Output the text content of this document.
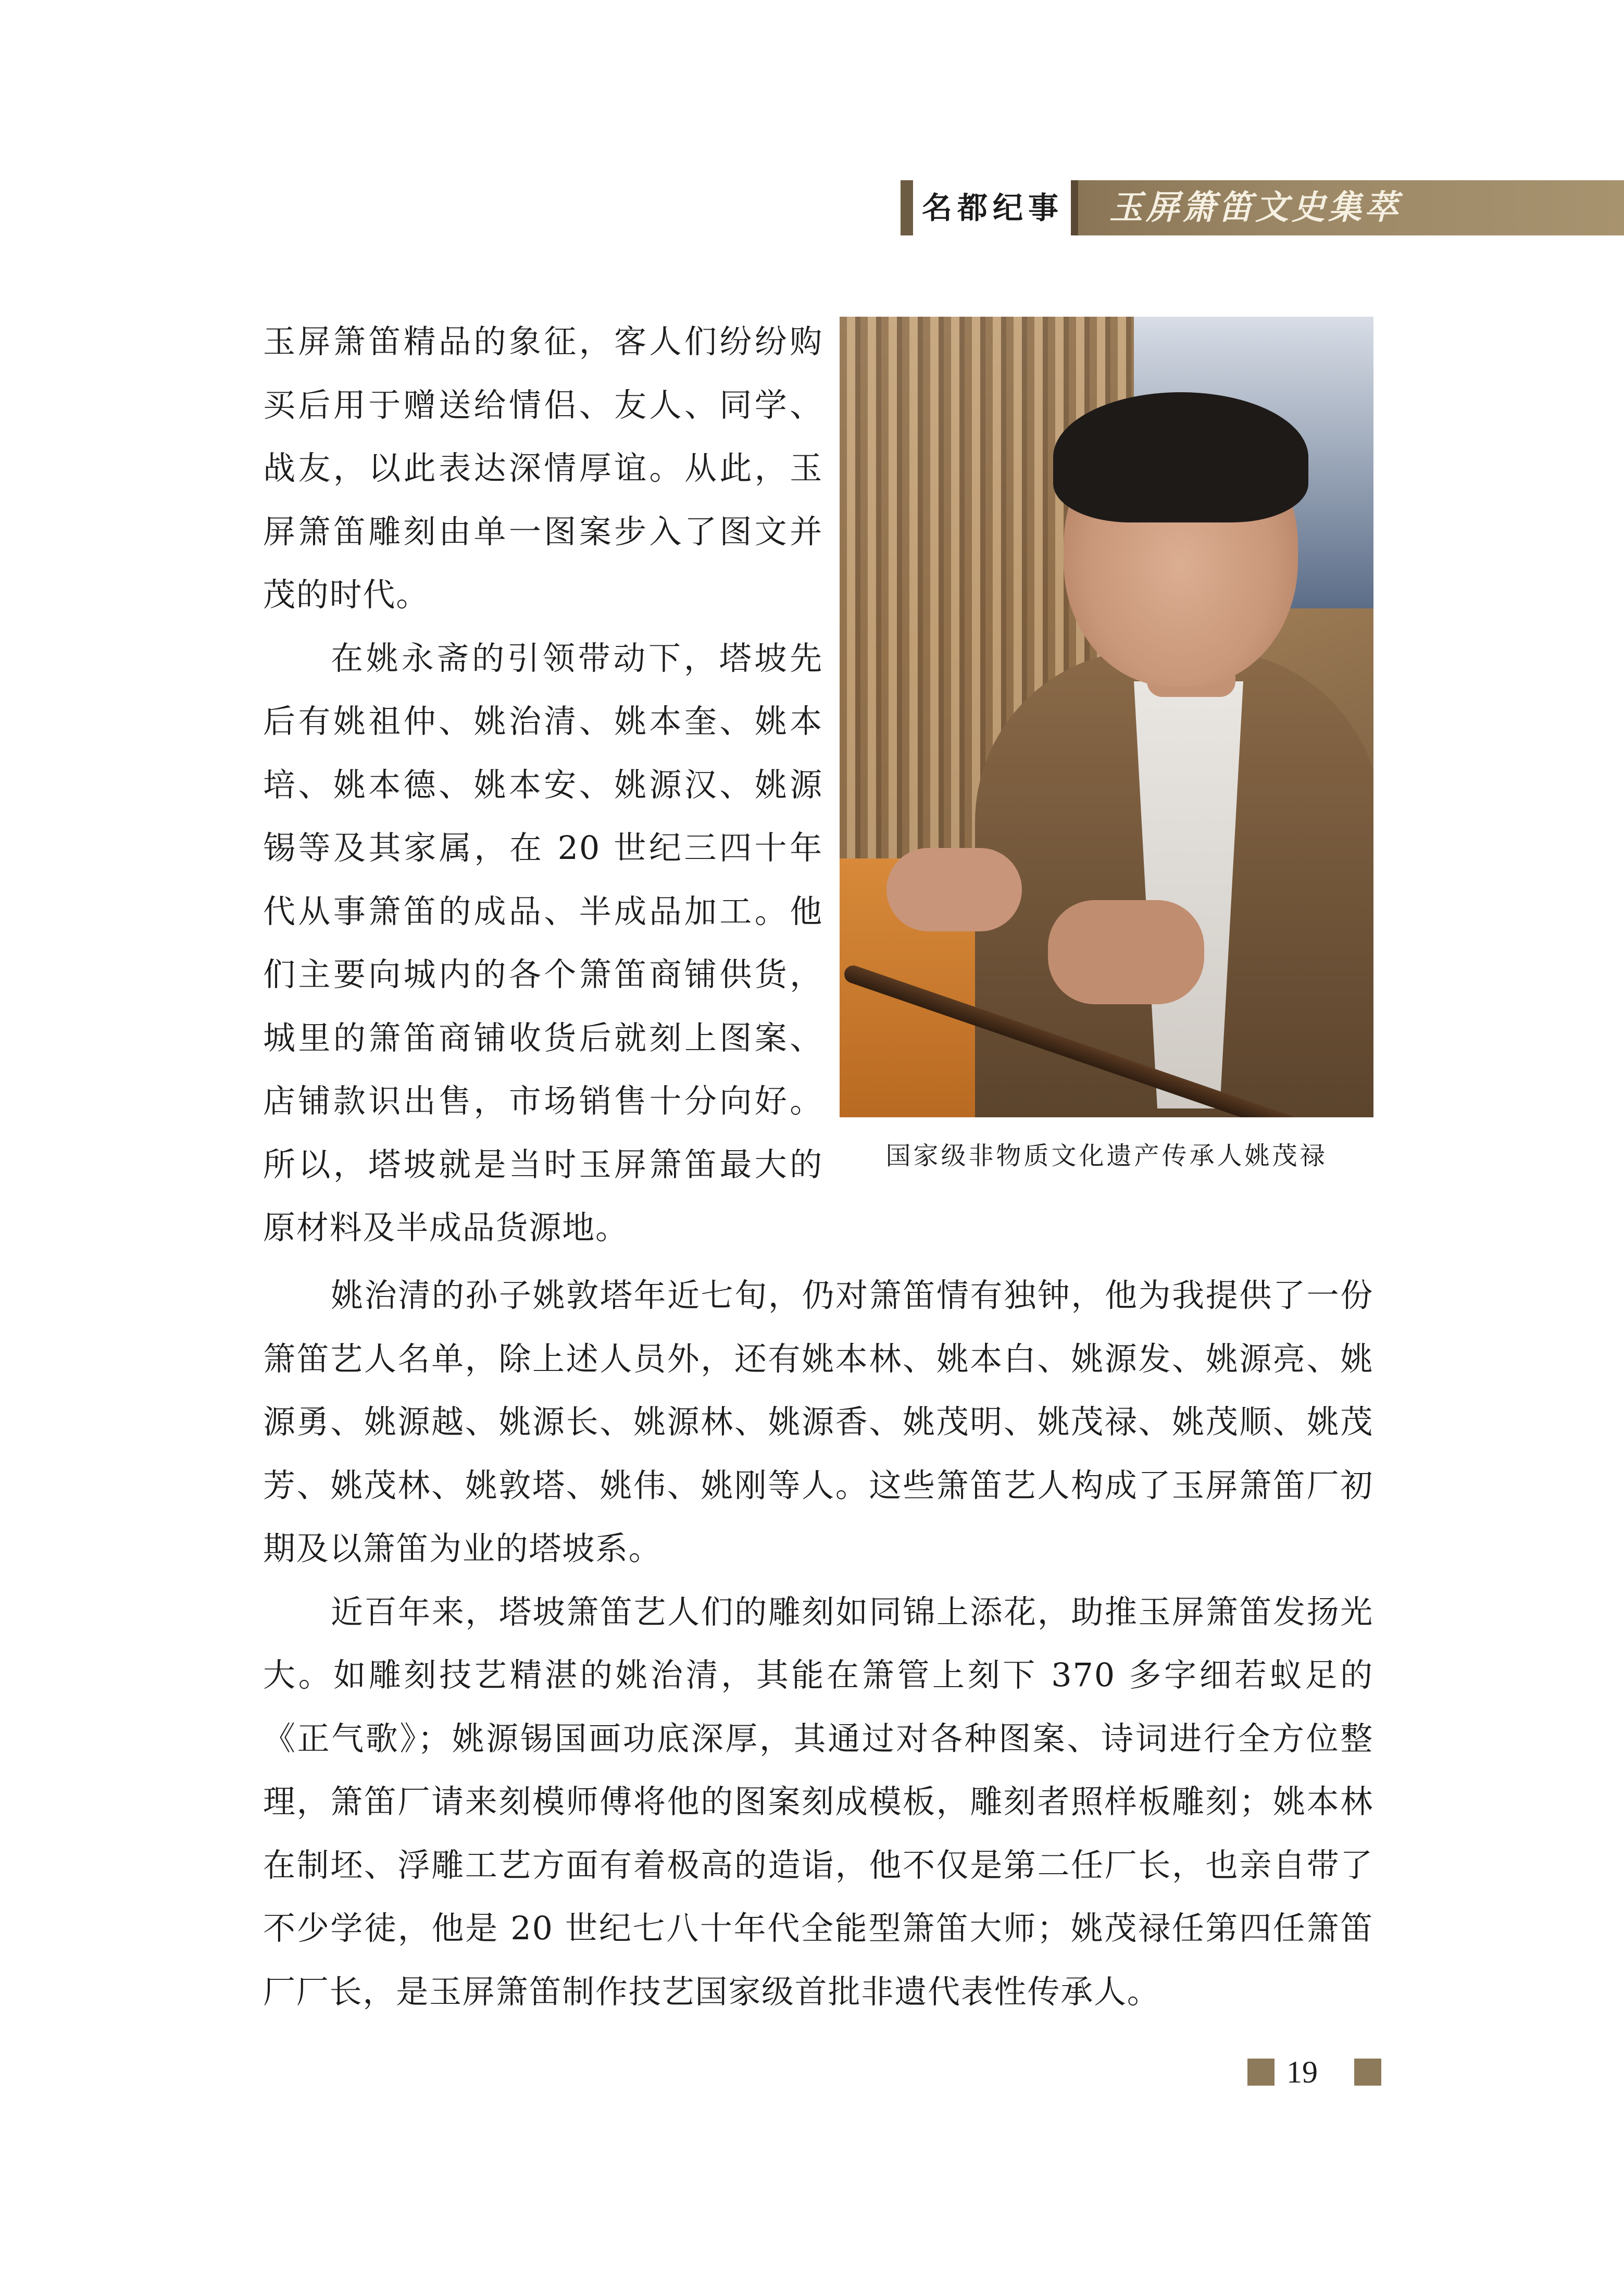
名都纪事 玉屏箫笛文史集萃

玉屏箫笛精品的象征，客人们纷纷购买后用于赠送给情侣、友人、同学、战友，以此表达深情厚谊。从此，玉屏箫笛雕刻由单一图案步入了图文并茂的时代。

在姚永斋的引领带动下，塔坡先后有姚祖仲、姚治清、姚本奎、姚本培、姚本德、姚本安、姚源汉、姚源锡等及其家属，在 20 世纪三四十年代从事箫笛的成品、半成品加工。他们主要向城内的各个箫笛商铺供货，城里的箫笛商铺收货后就刻上图案、店铺款识出售，市场销售十分向好。所以，塔坡就是当时玉屏箫笛最大的原材料及半成品货源地。

国家级非物质文化遗产传承人姚茂禄

姚治清的孙子姚敦塔年近七旬，仍对箫笛情有独钟，他为我提供了一份箫笛艺人名单，除上述人员外，还有姚本林、姚本白、姚源发、姚源亮、姚源勇、姚源越、姚源长、姚源林、姚源香、姚茂明、姚茂禄、姚茂顺、姚茂芳、姚茂林、姚敦塔、姚伟、姚刚等人。这些箫笛艺人构成了玉屏箫笛厂初期及以箫笛为业的塔坡系。

近百年来，塔坡箫笛艺人们的雕刻如同锦上添花，助推玉屏箫笛发扬光大。如雕刻技艺精湛的姚治清，其能在箫管上刻下 370 多字细若蚁足的《正气歌》；姚源锡国画功底深厚，其通过对各种图案、诗词进行全方位整理，箫笛厂请来刻模师傅将他的图案刻成模板，雕刻者照样板雕刻；姚本林在制坯、浮雕工艺方面有着极高的造诣，他不仅是第二任厂长，也亲自带了不少学徒，他是 20 世纪七八十年代全能型箫笛大师；姚茂禄任第四任箫笛厂厂长，是玉屏箫笛制作技艺国家级首批非遗代表性传承人。

19
